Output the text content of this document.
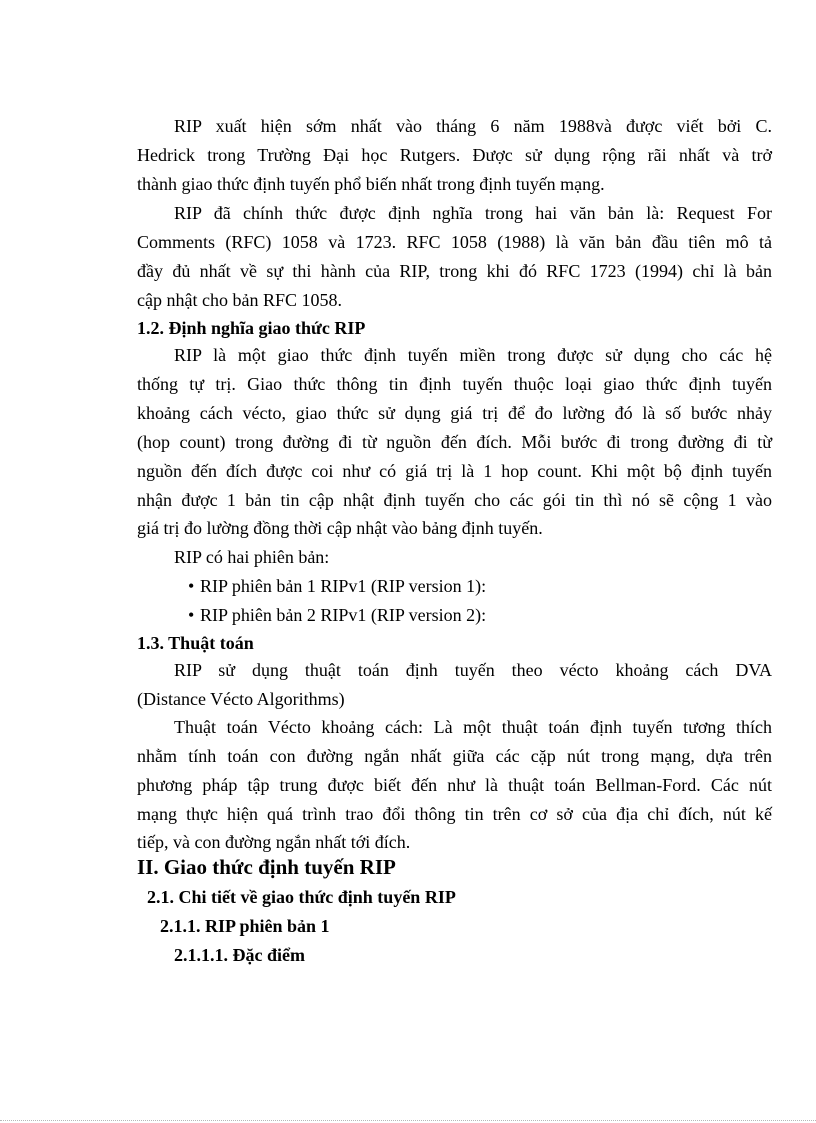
RIP xuất hiện sớm nhất vào tháng 6 năm 1988và được viết bởi C.
Hedrick trong Trường Đại học Rutgers. Được sử dụng rộng rãi nhất và trở
thành giao thức định tuyến phổ biến nhất trong định tuyến mạng.
RIP đã chính thức được định nghĩa trong hai văn bản là: Request For
Comments (RFC) 1058 và 1723. RFC 1058 (1988) là văn bản đầu tiên mô tả
đầy đủ nhất về sự thi hành của RIP, trong khi đó RFC 1723 (1994) chỉ là bản
cập nhật cho bản RFC 1058.
1.2. Định nghĩa giao thức RIP
RIP là một giao thức định tuyến miền trong được sử dụng cho các hệ
thống tự trị. Giao thức thông tin định tuyến thuộc loại giao thức định tuyến
khoảng cách vécto, giao thức sử dụng giá trị để đo lường đó là số bước nhảy
(hop count) trong đường đi từ nguồn đến đích. Mỗi bước đi trong đường đi từ
nguồn đến đích được coi như có giá trị là 1 hop count. Khi một bộ định tuyến
nhận được 1 bản tin cập nhật định tuyến cho các gói tin thì nó sẽ cộng 1 vào
giá trị đo lường đồng thời cập nhật vào bảng định tuyến.
RIP có hai phiên bản:
• RIP phiên bản 1 RIPv1 (RIP version 1):
• RIP phiên bản 2 RIPv1 (RIP version 2):
1.3. Thuật toán
RIP sử dụng thuật toán định tuyến theo vécto khoảng cách DVA
(Distance Vécto Algorithms)
Thuật toán Vécto khoảng cách: Là một thuật toán định tuyến tương thích
nhằm tính toán con đường ngắn nhất giữa các cặp nút trong mạng, dựa trên
phương pháp tập trung được biết đến như là thuật toán Bellman-Ford. Các nút
mạng thực hiện quá trình trao đổi thông tin trên cơ sở của địa chỉ đích, nút kế
tiếp, và con đường ngắn nhất tới đích.
II. Giao thức định tuyến RIP
2.1. Chi tiết về giao thức định tuyến RIP
2.1.1. RIP phiên bản 1
2.1.1.1. Đặc điểm
